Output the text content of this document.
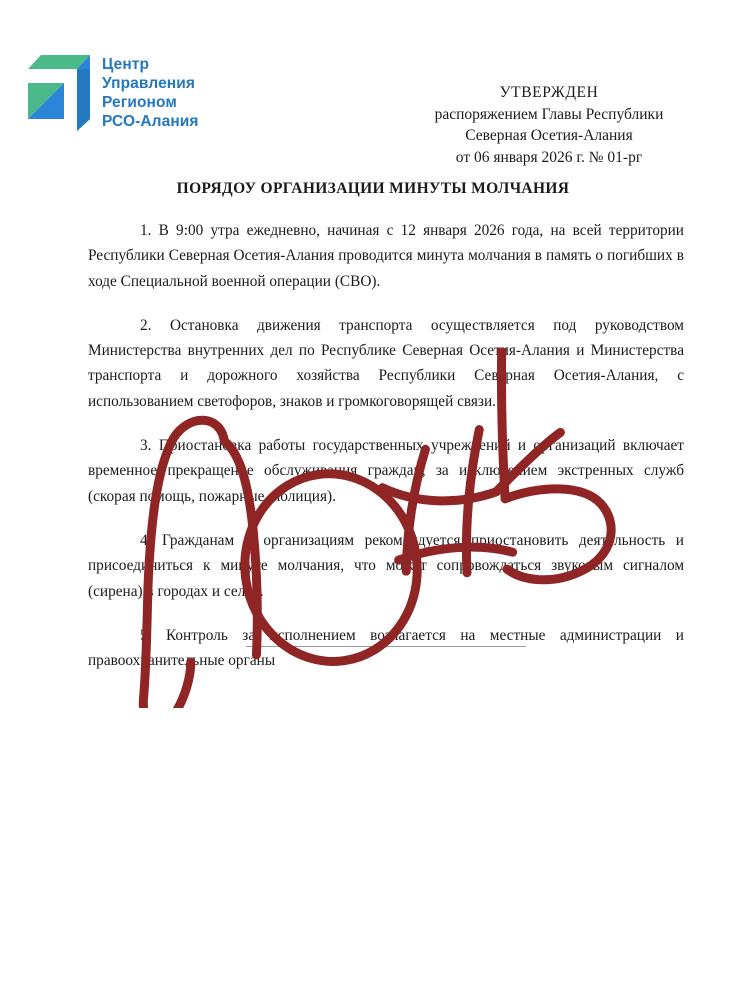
Центр
Управления
Регионом
РСО-Алания
УТВЕРЖДЕН
распоряжением Главы Республики
Северная Осетия-Алания
от 06 января 2026 г. № 01-рг
ПОРЯДОУ ОРГАНИЗАЦИИ МИНУТЫ МОЛЧАНИЯ

1. В 9:00 утра ежедневно, начиная с 12 января 2026 года, на всей территории Республики Северная Осетия-Алания проводится минута молчания в память о погибших в ходе Специальной военной операции (СВО).

2. Остановка движения транспорта осуществляется под руководством Министерства внутренних дел по Республике Северная Осетия-Алания и Министерства транспорта и дорожного хозяйства Республики Северная Осетия-Алания, с использованием светофоров, знаков и громкоговорящей связи.

3. Приостановка работы государственных учреждений и организаций включает временное прекращение обслуживания граждан, за исключением экстренных служб (скорая помощь, пожарные, полиция).

4. Гражданам и организациям рекомендуется приостановить деятельность и присоединиться к минуте молчания, что может сопровождаться звуковым сигналом (сирена) в городах и селах.

5. Контроль за исполнением возлагается на местные администрации и правоохранительные органы
